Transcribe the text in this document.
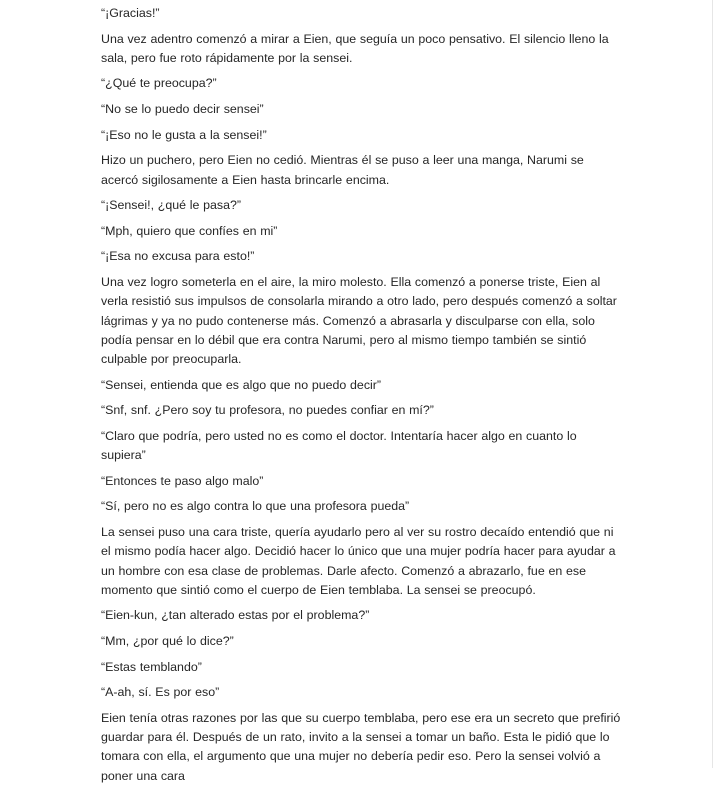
“¡Gracias!”

Una vez adentro comenzó a mirar a Eien, que seguía un poco pensativo. El silencio lleno la sala, pero fue roto rápidamente por la sensei.

“¿Qué te preocupa?”

“No se lo puedo decir sensei”

“¡Eso no le gusta a la sensei!”

Hizo un puchero, pero Eien no cedió. Mientras él se puso a leer una manga, Narumi se acercó sigilosamente a Eien hasta brincarle encima.

“¡Sensei!, ¿qué le pasa?”

“Mph, quiero que confíes en mi”

“¡Esa no excusa para esto!”

Una vez logro someterla en el aire, la miro molesto. Ella comenzó a ponerse triste, Eien al verla resistió sus impulsos de consolarla mirando a otro lado, pero después comenzó a soltar lágrimas y ya no pudo contenerse más. Comenzó a abrasarla y disculparse con ella, solo podía pensar en lo débil que era contra Narumi, pero al mismo tiempo también se sintió culpable por preocuparla.

“Sensei, entienda que es algo que no puedo decir”

“Snf, snf. ¿Pero soy tu profesora, no puedes confiar en mí?”

“Claro que podría, pero usted no es como el doctor. Intentaría hacer algo en cuanto lo supiera”

“Entonces te paso algo malo”

“Sí, pero no es algo contra lo que una profesora pueda”

La sensei puso una cara triste, quería ayudarlo pero al ver su rostro decaído entendió que ni el mismo podía hacer algo. Decidió hacer lo único que una mujer podría hacer para ayudar a un hombre con esa clase de problemas. Darle afecto. Comenzó a abrazarlo, fue en ese momento que sintió como el cuerpo de Eien temblaba. La sensei se preocupó.

“Eien-kun, ¿tan alterado estas por el problema?”

“Mm, ¿por qué lo dice?”

“Estas temblando”

“A-ah, sí. Es por eso”

Eien tenía otras razones por las que su cuerpo temblaba, pero ese era un secreto que prefirió guardar para él. Después de un rato, invito a la sensei a tomar un baño. Esta le pidió que lo tomara con ella, el argumento que una mujer no debería pedir eso. Pero la sensei volvió a poner una cara
